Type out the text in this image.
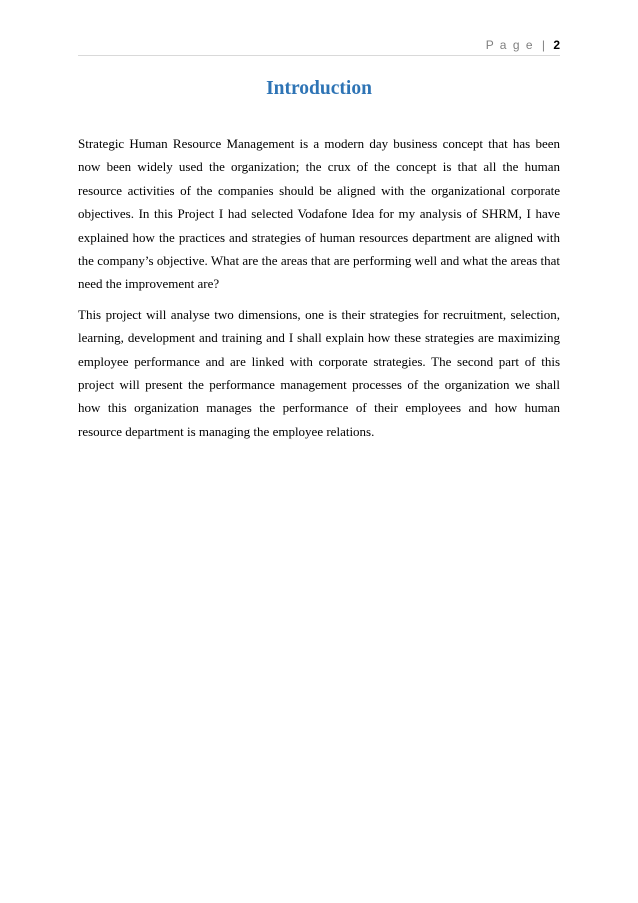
P a g e | 2
Introduction

Strategic Human Resource Management is a modern day business concept that has been now been widely used the organization; the crux of the concept is that all the human resource activities of the companies should be aligned with the organizational corporate objectives. In this Project I had selected Vodafone Idea for my analysis of SHRM, I have explained how the practices and strategies of human resources department are aligned with the company’s objective. What are the areas that are performing well and what the areas that need the improvement are?

This project will analyse two dimensions, one is their strategies for recruitment, selection, learning, development and training and I shall explain how these strategies are maximizing employee performance and are linked with corporate strategies. The second part of this project will present the performance management processes of the organization we shall how this organization manages the performance of their employees and how human resource department is managing the employee relations.
